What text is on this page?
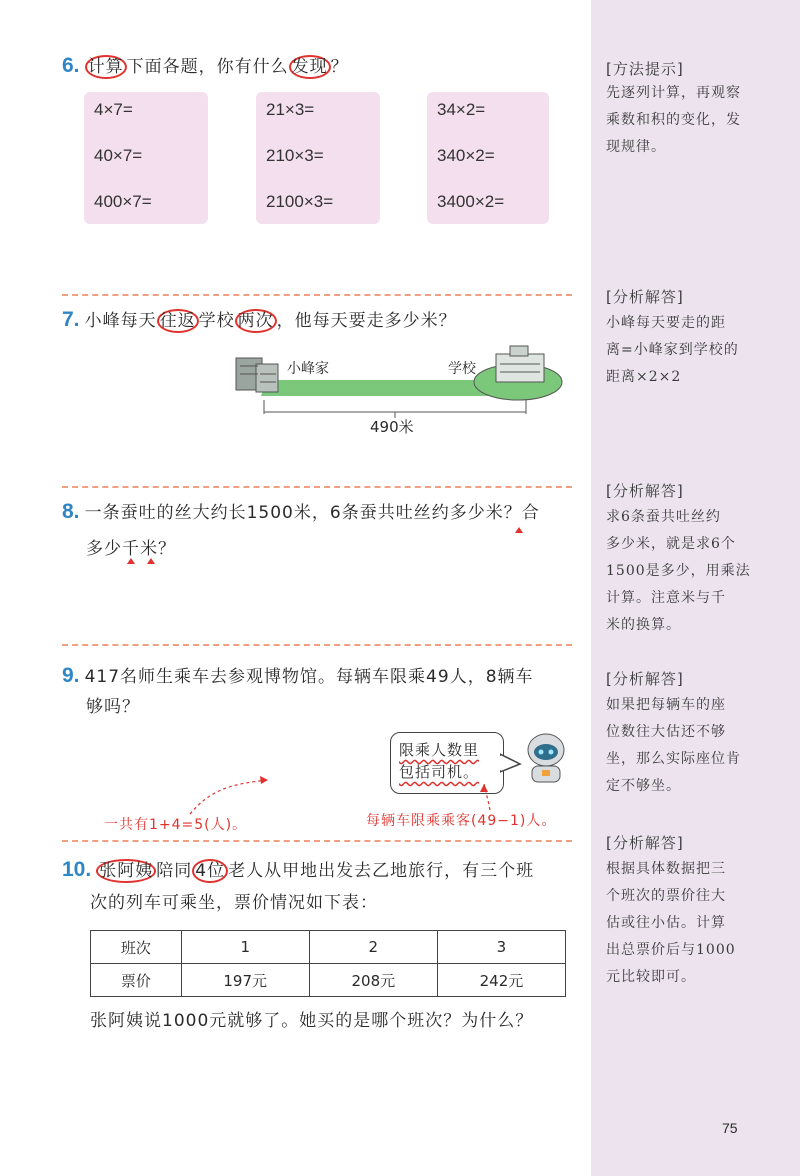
6. 计算 下面各题，你有什么 发现 ？
4×7=
40×7=
400×7=
21×3=
210×3=
2100×3=
34×2=
340×2=
3400×2=
[方法提示]
先逐列计算，再观察
乘数和积的变化，发
现规律。
7. 小峰每天 往返 学校 两次 ，他每天要走多少米？
小峰家	学校
490米
[分析解答]
小峰每天要走的距
离=小峰家到学校的
距离×2×2
8. 一条蚕吐的丝大约长1500米，6条蚕共吐丝约多少米？合
多少千米？
[分析解答]
求6条蚕共吐丝约
多少米，就是求6个
1500是多少，用乘法
计算。注意米与千
米的换算。
9. 417名师生乘车去参观博物馆。每辆车限乘49人，8辆车
够吗？
限乘人数里
包括司机。
一共有1+4=5(人)。	每辆车限乘乘客(49−1)人。
[分析解答]
如果把每辆车的座
位数往大估还不够
坐，那么实际座位肯
定不够坐。
10. 张阿姨 陪同 4位 老人从甲地出发去乙地旅行，有三个班
次的列车可乘坐，票价情况如下表：
班次	1	2	3
票价	197元	208元	242元
张阿姨说1000元就够了。她买的是哪个班次？为什么？
[分析解答]
根据具体数据把三
个班次的票价往大
估或往小估。计算
出总票价后与1000
元比较即可。
75
